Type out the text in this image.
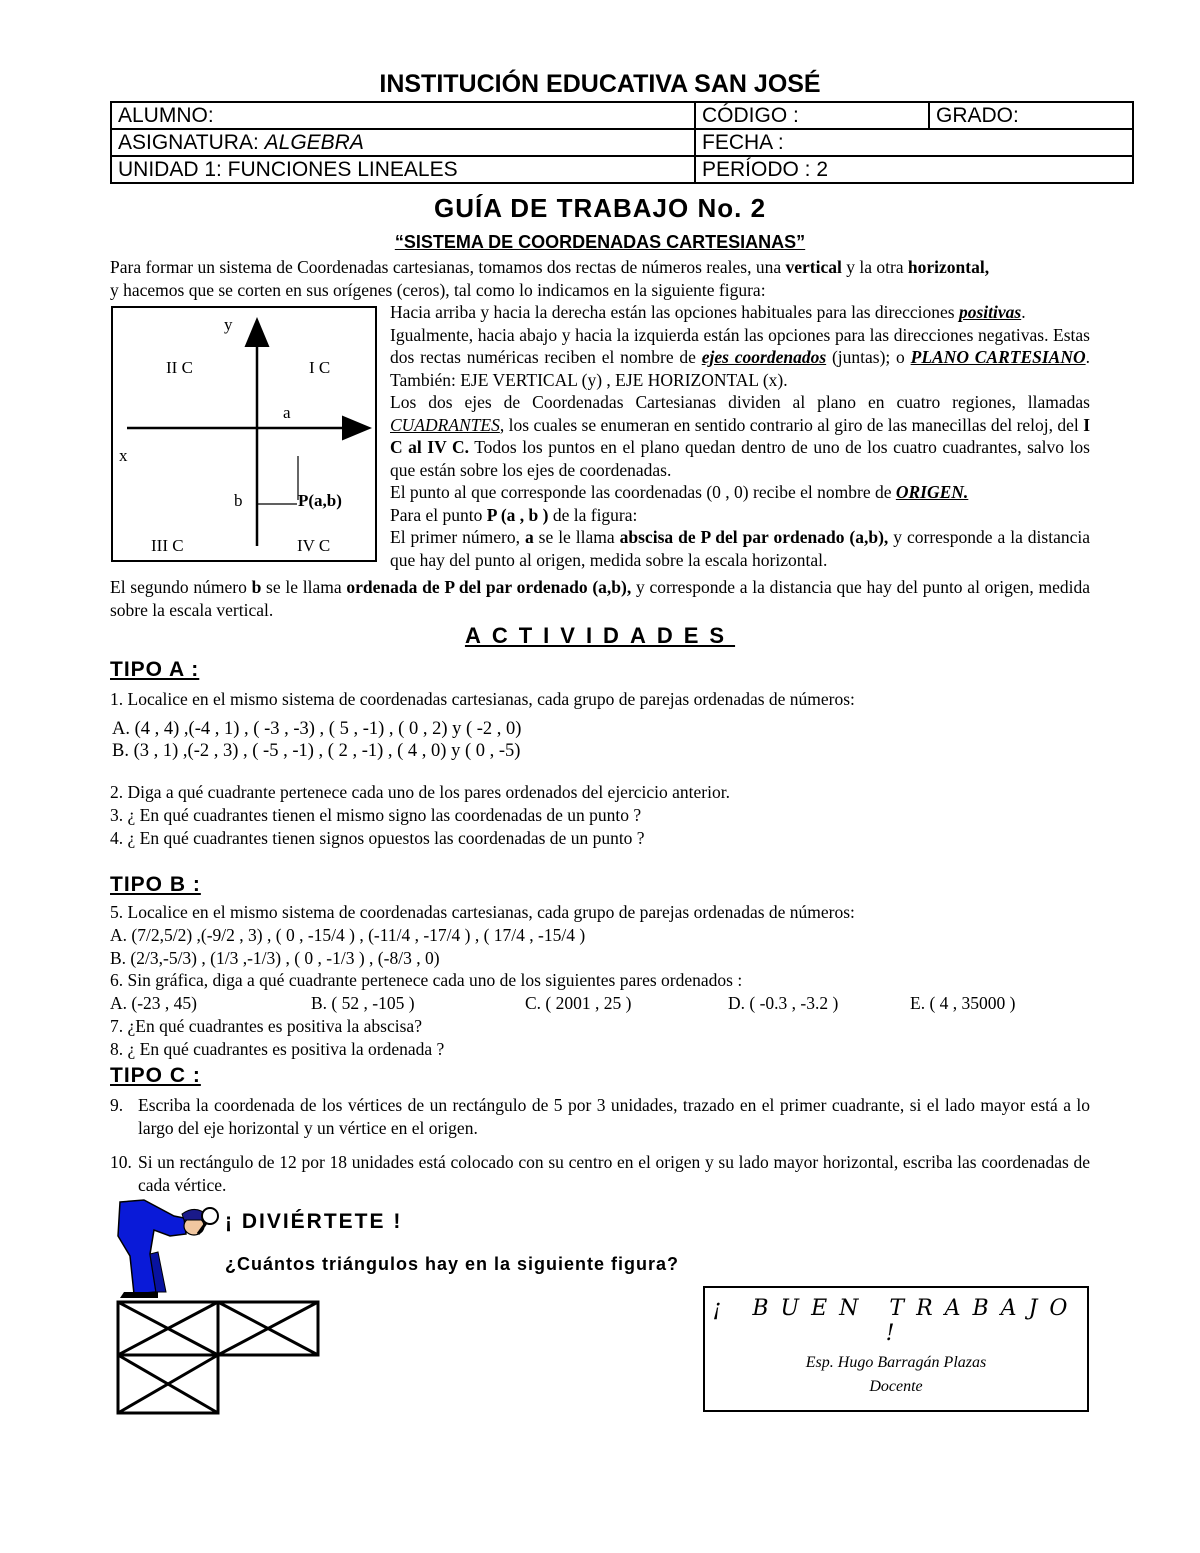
INSTITUCIÓN EDUCATIVA SAN JOSÉ
ALUMNO:	CÓDIGO :	GRADO:
ASIGNATURA: ALGEBRA	FECHA :	
UNIDAD 1: FUNCIONES LINEALES	PERÍODO : 2	
GUÍA DE TRABAJO No. 2
“SISTEMA DE COORDENADAS CARTESIANAS”
Para formar un sistema de Coordenadas cartesianas, tomamos dos rectas de números reales, una vertical y la otra horizontal,
y hacemos que se corten en sus orígenes (ceros), tal como lo indicamos en la siguiente figura:
y
II C	I C
a
x
b	P(a,b)
III C	IV C
Hacia arriba y hacia la derecha están las opciones habituales para las direcciones positivas.
Igualmente, hacia abajo y hacia la izquierda están las opciones para las direcciones negativas. Estas dos rectas numéricas reciben el nombre de ejes coordenados (juntas); o PLANO CARTESIANO. También: EJE VERTICAL (y) , EJE HORIZONTAL (x).
Los dos ejes de Coordenadas Cartesianas dividen al plano en cuatro regiones, llamadas CUADRANTES, los cuales se enumeran en sentido contrario al giro de las manecillas del reloj, del I C al IV C. Todos los puntos en el plano quedan dentro de uno de los cuatro cuadrantes, salvo los que están sobre los ejes de coordenadas.
El punto al que corresponde las coordenadas (0 , 0) recibe el nombre de ORIGEN.
Para el punto P (a , b ) de la figura:
El primer número, a se le llama abscisa de P del par ordenado (a,b), y corresponde a la distancia que hay del punto al origen, medida sobre la escala horizontal.
El segundo número b se le llama ordenada de P del par ordenado (a,b), y corresponde a la distancia que hay del punto al origen, medida sobre la escala vertical.
ACTIVIDADES
TIPO A :
1. Localice en el mismo sistema de coordenadas cartesianas, cada grupo de parejas ordenadas de números:
A. (4 , 4) ,(-4 , 1) , ( -3 , -3) , ( 5 , -1) , ( 0 , 2) y ( -2 , 0)
B. (3 , 1) ,(-2 , 3) , ( -5 , -1) , ( 2 , -1) , ( 4 , 0) y ( 0 , -5)
2. Diga a qué cuadrante pertenece cada uno de los pares ordenados del ejercicio anterior.
3. ¿ En qué cuadrantes tienen el mismo signo las coordenadas de un punto ?
4. ¿ En qué cuadrantes tienen signos opuestos las coordenadas de un punto ?
TIPO B :
5. Localice en el mismo sistema de coordenadas cartesianas, cada grupo de parejas ordenadas de números:
A. (7/2,5/2) ,(-9/2 , 3) , ( 0 , -15/4 ) , (-11/4 , -17/4 ) , ( 17/4 , -15/4 )
B. (2/3,-5/3) , (1/3 ,-1/3) , ( 0 , -1/3 ) , (-8/3 , 0)
6. Sin gráfica, diga a qué cuadrante pertenece cada uno de los siguientes pares ordenados :
A. (-23 , 45)	B. ( 52 , -105 )	C. ( 2001 , 25 )	D. ( -0.3 , -3.2 )	E. ( 4 , 35000 )
7. ¿En qué cuadrantes es positiva la abscisa?
8. ¿ En qué cuadrantes es positiva la ordenada ?
TIPO C :
9. Escriba la coordenada de los vértices de un rectángulo de 5 por 3 unidades, trazado en el primer cuadrante, si el lado mayor está a lo largo del eje horizontal y un vértice en el origen.
10. Si un rectángulo de 12 por 18 unidades está colocado con su centro en el origen y su lado mayor horizontal, escriba las coordenadas de cada vértice.
¡ DIVIÉRTETE !
¿Cuántos triángulos hay en la siguiente figura?
¡ BUEN TRABAJO !
Esp. Hugo Barragán Plazas
Docente
